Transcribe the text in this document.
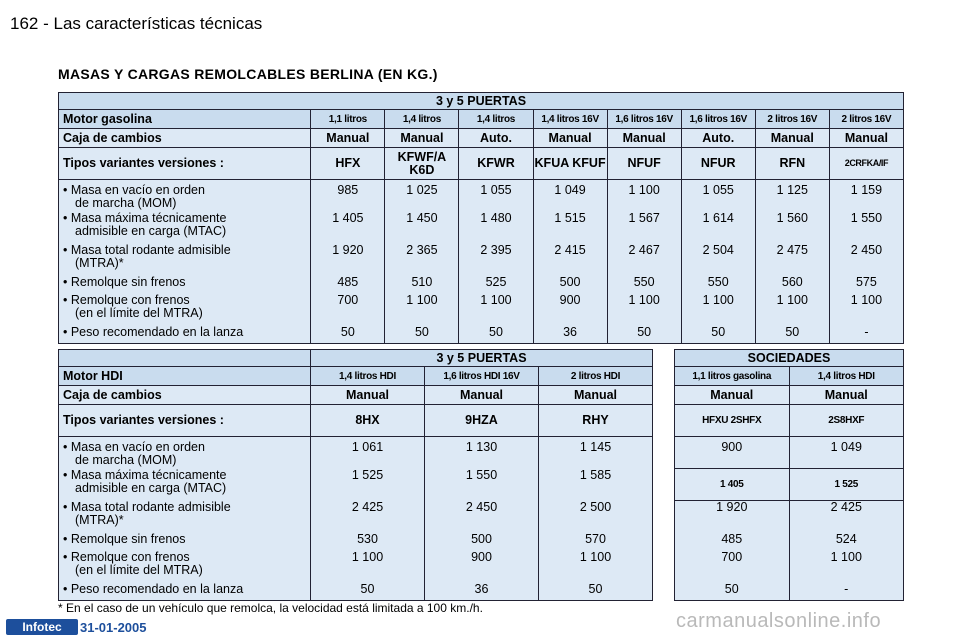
162 - Las características técnicas
MASAS Y CARGAS REMOLCABLES BERLINA (EN KG.)
3 y 5 PUERTAS								
Motor gasolina	1,1 litros	1,4 litros	1,4 litros	1,4 litros 16V	1,6 litros 16V	1,6 litros 16V	2 litros 16V	2 litros 16V
Caja de cambios	Manual	Manual	Auto.	Manual	Manual	Auto.	Manual	Manual
Tipos variantes versiones :	HFX	KFWF/A K6D	KFWR	KFUA KFUF	NFUF	NFUR	RFN	2CRFKA/IF

• Masa en vacío en orden
de marcha (MOM)	985	1 025	1 055	1 049	1 100	1 055	1 125	1 159

• Masa máxima técnicamente
admisible en carga (MTAC)	1 405	1 450	1 480	1 515	1 567	1 614	1 560	1 550

• Masa total rodante admisible
(MTRA)*	1 920	2 365	2 395	2 415	2 467	2 504	2 475	2 450

• Remolque sin frenos	485	510	525	500	550	550	560	575

• Remolque con frenos
(en el límite del MTRA)	700	1 100	1 100	900	1 100	1 100	1 100	1 100

• Peso recomendado en la lanza	50	50	50	36	50	50	50	-
	3 y 5 PUERTAS		
Motor HDI	1,4 litros HDI	1,6 litros HDI 16V	2 litros HDI
Caja de cambios	Manual	Manual	Manual
Tipos variantes versiones :	8HX	9HZA	RHY

• Masa en vacío en orden
de marcha (MOM)	1 061	1 130	1 145

• Masa máxima técnicamente
admisible en carga (MTAC)	1 525	1 550	1 585

• Masa total rodante admisible
(MTRA)*	2 425	2 450	2 500

• Remolque sin frenos	530	500	570

• Remolque con frenos
(en el límite del MTRA)	1 100	900	1 100

• Peso recomendado en la lanza	50	36	50
SOCIEDADES	
1,1 litros gasolina	1,4 litros HDI
Manual	Manual
HFXU 2SHFX	2S8HXF
900	1 049
1 405	1 525
1 920	2 425
485	524
700	1 100
50	-
* En el caso de un vehículo que remolca, la velocidad está limitada a 100 km./h.
Infotec	31-01-2005	carmanualsonline.info
